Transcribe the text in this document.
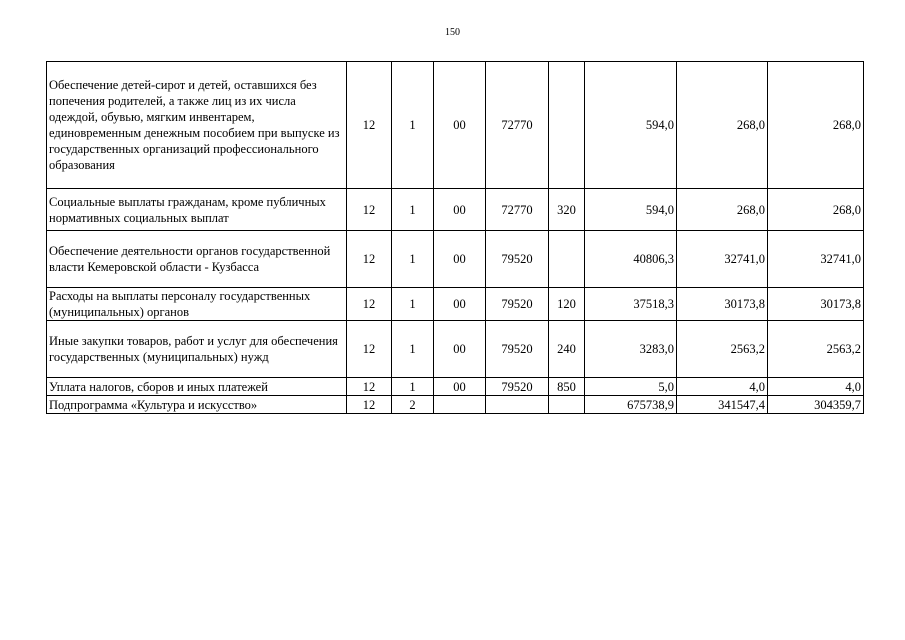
150
Обеспечение детей-сирот и детей, оставшихся без попечения родителей, а также лиц из их числа одеждой, обувью, мягким инвентарем, единовременным денежным пособием при выпуске из государственных организаций профессионального образования	12	1	00	72770		594,0	268,0	268,0
Социальные выплаты гражданам, кроме публичных нормативных социальных выплат	12	1	00	72770	320	594,0	268,0	268,0
Обеспечение деятельности органов государственной власти Кемеровской области - Кузбасса	12	1	00	79520		40806,3	32741,0	32741,0
Расходы на выплаты персоналу государственных (муниципальных) органов	12	1	00	79520	120	37518,3	30173,8	30173,8
Иные закупки товаров, работ и услуг для обеспечения государственных (муниципальных) нужд	12	1	00	79520	240	3283,0	2563,2	2563,2
Уплата налогов, сборов и иных платежей	12	1	00	79520	850	5,0	4,0	4,0
Подпрограмма «Культура и искусство»	12	2				675738,9	341547,4	304359,7
